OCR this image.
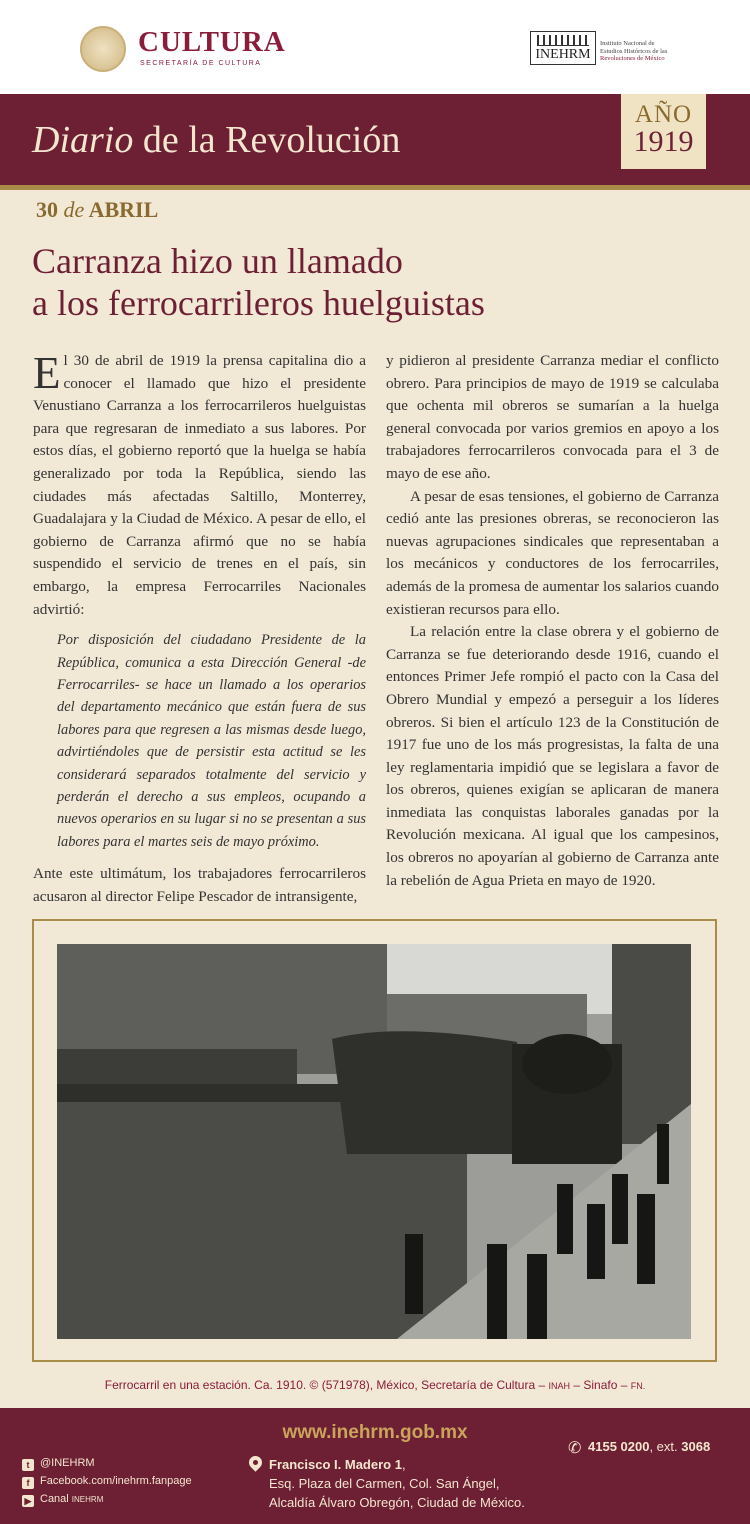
CULTURA
SECRETARÍA DE CULTURA
INEHRM
Instituto Nacional de
Estudios Históricos de las
Revoluciones de México
Diario de la Revolución
AÑO
1919
30 de ABRIL
Carranza hizo un llamado
a los ferrocarrileros huelguistas

El 30 de abril de 1919 la prensa capitalina dio a conocer el llamado que hizo el presidente Venustiano Carranza a los ferrocarrileros huelguistas para que regresaran de inmediato a sus labores. Por estos días, el gobierno reportó que la huelga se había generalizado por toda la República, siendo las ciudades más afectadas Saltillo, Monterrey, Guadalajara y la Ciudad de México. A pesar de ello, el gobierno de Carranza afirmó que no se había suspendido el servicio de trenes en el país, sin embargo, la empresa Ferrocarriles Nacionales advirtió:

Por disposición del ciudadano Presidente de la República, comunica a esta Dirección General -de Ferrocarriles- se hace un llamado a los operarios del departamento mecánico que están fuera de sus labores para que regresen a las mismas desde luego, advirtiéndoles que de persistir esta actitud se les considerará separados totalmente del servicio y perderán el derecho a sus empleos, ocupando a nuevos operarios en su lugar si no se presentan a sus labores para el martes seis de mayo próximo.

Ante este ultimátum, los trabajadores ferrocarrileros acusaron al director Felipe Pescador de intransigente,

Ferrocarril en una estación. Ca. 1910. © (571978), México, Secretaría de Cultura – INAH – Sinafo – FN.
www.inehrm.gob.mx
t @INEHRM
f Facebook.com/inehrm.fanpage
▶ Canal INEHRM
Francisco I. Madero 1,
Esq. Plaza del Carmen, Col. San Ángel,
Alcaldía Álvaro Obregón, Ciudad de México.
✆ 4155 0200, ext. 3068

y pidieron al presidente Carranza mediar el conflicto obrero. Para principios de mayo de 1919 se calculaba que ochenta mil obreros se sumarían a la huelga general convocada por varios gremios en apoyo a los trabajadores ferrocarrileros convocada para el 3 de mayo de ese año.

A pesar de esas tensiones, el gobierno de Carranza cedió ante las presiones obreras, se reconocieron las nuevas agrupaciones sindicales que representaban a los mecánicos y conductores de los ferrocarriles, además de la promesa de aumentar los salarios cuando existieran recursos para ello.

La relación entre la clase obrera y el gobierno de Carranza se fue deteriorando desde 1916, cuando el entonces Primer Jefe rompió el pacto con la Casa del Obrero Mundial y empezó a perseguir a los líderes obreros. Si bien el artículo 123 de la Constitución de 1917 fue uno de los más progresistas, la falta de una ley reglamentaria impidió que se legislara a favor de los obreros, quienes exigían se aplicaran de manera inmediata las conquistas laborales ganadas por la Revolución mexicana. Al igual que los campesinos, los obreros no apoyarían al gobierno de Carranza ante la rebelión de Agua Prieta en mayo de 1920.
